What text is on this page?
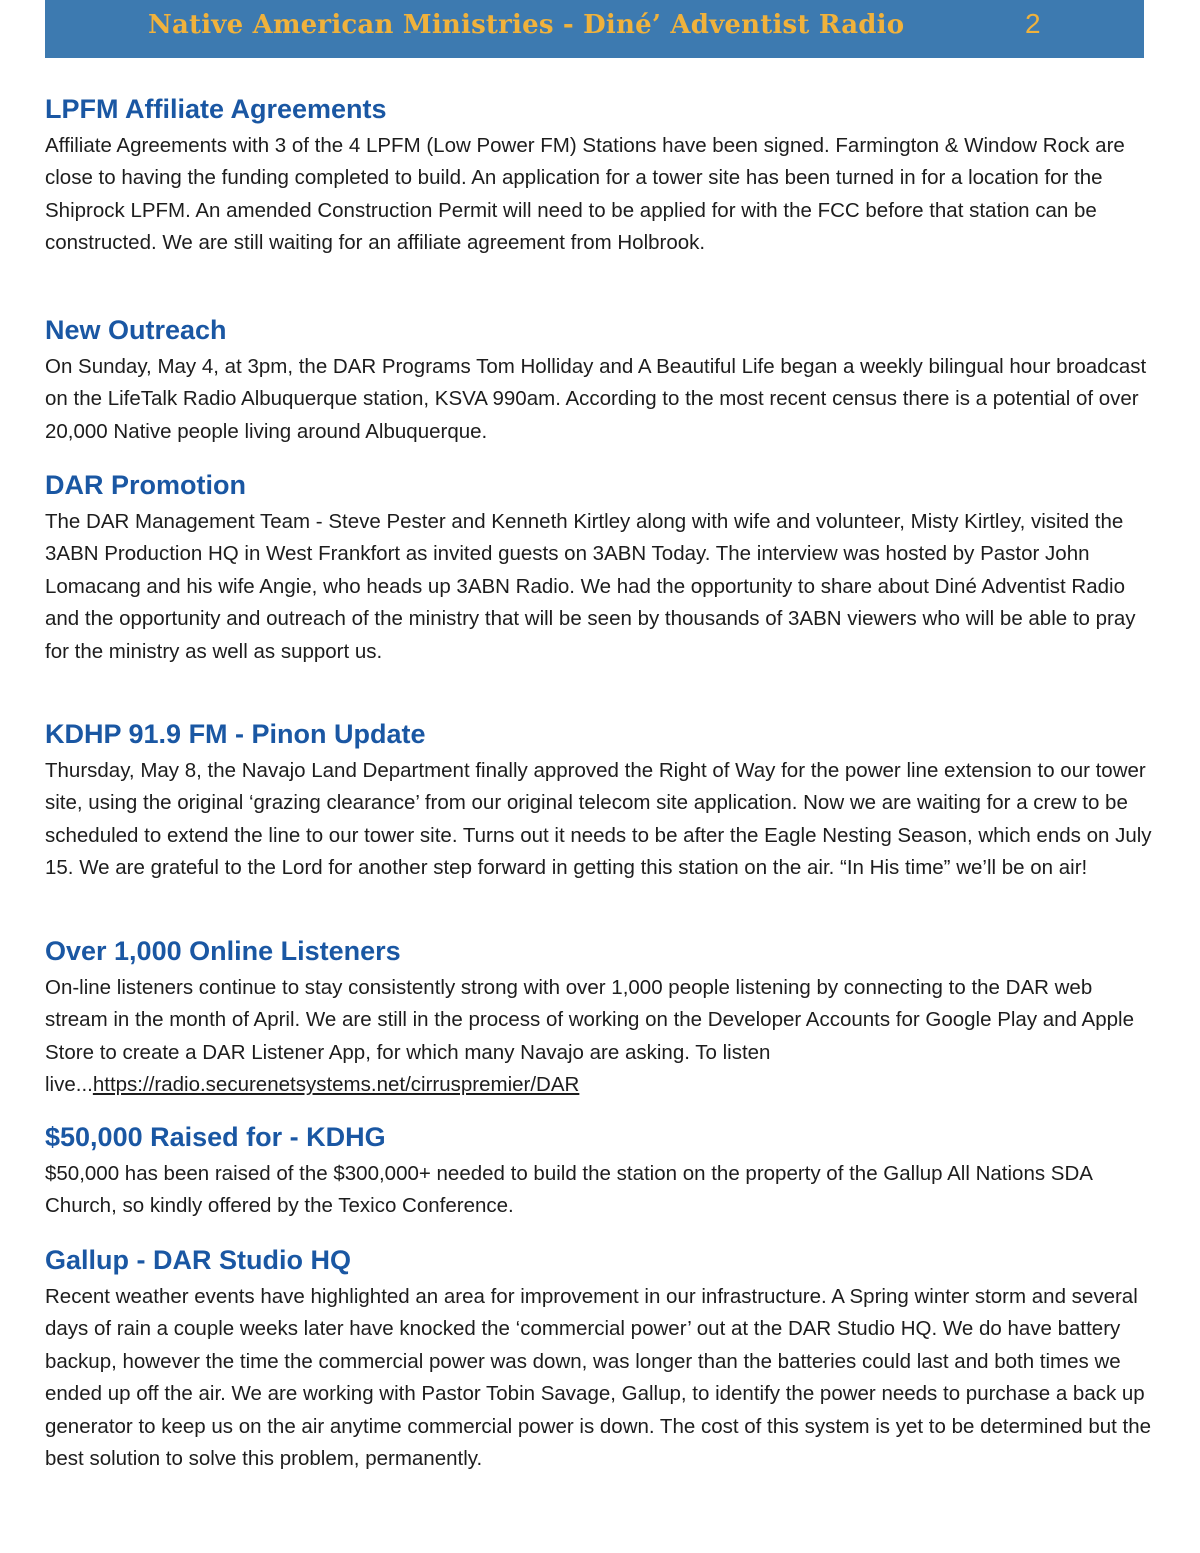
Native American Ministries - Diné’ Adventist Radio	2
LPFM Affiliate Agreements

Affiliate Agreements with 3 of the 4 LPFM (Low Power FM) Stations have been signed. Farmington & Window Rock are close to having the funding completed to build. An application for a tower site has been turned in for a location for the Shiprock LPFM. An amended Construction Permit will need to be applied for with the FCC before that station can be constructed. We are still waiting for an affiliate agreement from Holbrook.

New Outreach

On Sunday, May 4, at 3pm, the DAR Programs Tom Holliday and A Beautiful Life began a weekly bilingual hour broadcast on the LifeTalk Radio Albuquerque station, KSVA 990am. According to the most recent census there is a potential of over 20,000 Native people living around Albuquerque.

DAR Promotion

The DAR Management Team - Steve Pester and Kenneth Kirtley along with wife and volunteer, Misty Kirtley, visited the 3ABN Production HQ in West Frankfort as invited guests on 3ABN Today. The interview was hosted by Pastor John Lomacang and his wife Angie, who heads up 3ABN Radio. We had the opportunity to share about Diné Adventist Radio and the opportunity and outreach of the ministry that will be seen by thousands of 3ABN viewers who will be able to pray for the ministry as well as support us.

KDHP 91.9 FM - Pinon Update

Thursday, May 8, the Navajo Land Department finally approved the Right of Way for the power line extension to our tower site, using the original ‘grazing clearance’ from our original telecom site application. Now we are waiting for a crew to be scheduled to extend the line to our tower site. Turns out it needs to be after the Eagle Nesting Season, which ends on July 15. We are grateful to the Lord for another step forward in getting this station on the air. “In His time” we’ll be on air!

Over 1,000 Online Listeners

On-line listeners continue to stay consistently strong with over 1,000 people listening by connecting to the DAR web stream in the month of April. We are still in the process of working on the Developer Accounts for Google Play and Apple Store to create a DAR Listener App, for which many Navajo are asking. To listen live...https://radio.securenetsystems.net/cirruspremier/DAR

$50,000 Raised for - KDHG

$50,000 has been raised of the $300,000+ needed to build the station on the property of the Gallup All Nations SDA Church, so kindly offered by the Texico Conference.

Gallup - DAR Studio HQ

Recent weather events have highlighted an area for improvement in our infrastructure. A Spring winter storm and several days of rain a couple weeks later have knocked the ‘commercial power’ out at the DAR Studio HQ. We do have battery backup, however the time the commercial power was down, was longer than the batteries could last and both times we ended up off the air. We are working with Pastor Tobin Savage, Gallup, to identify the power needs to purchase a back up generator to keep us on the air anytime commercial power is down. The cost of this system is yet to be determined but the best solution to solve this problem, permanently.
